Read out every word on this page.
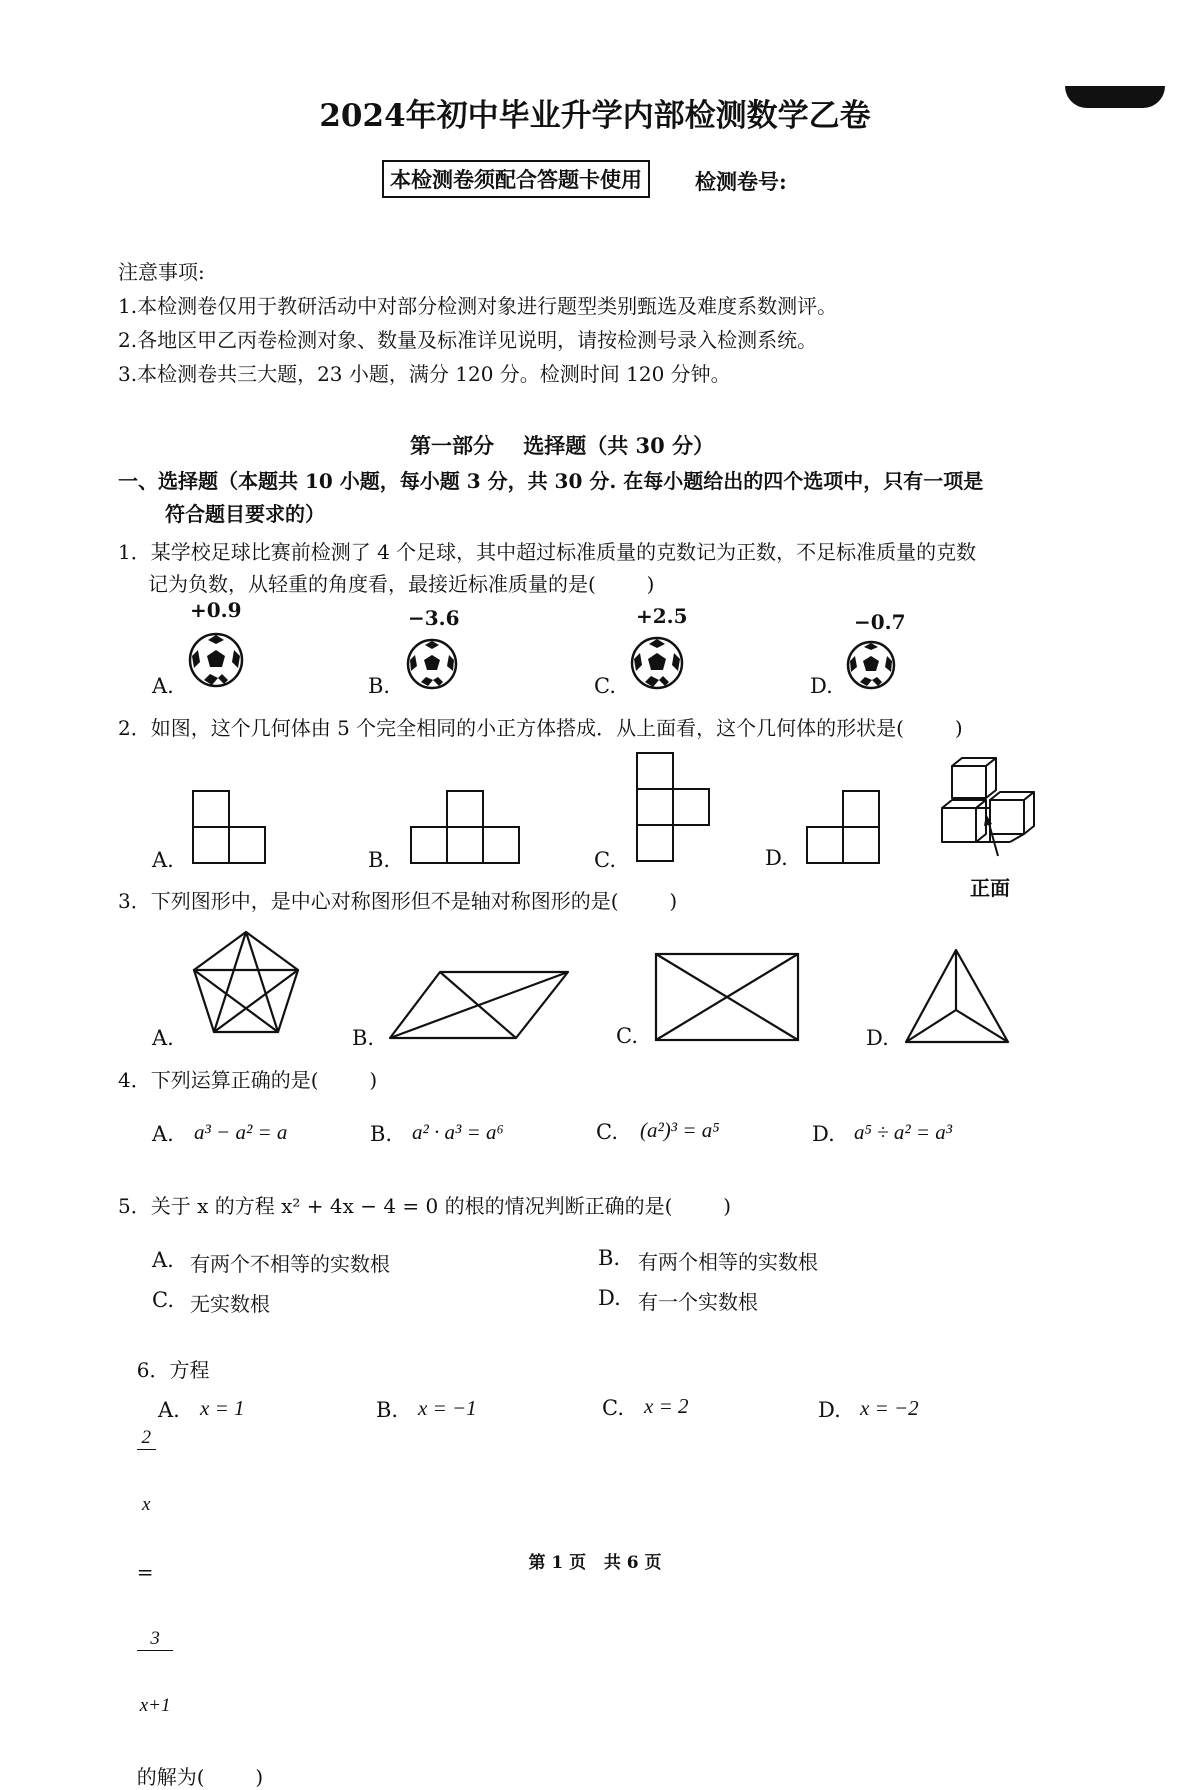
2024年初中毕业升学内部检测数学乙卷
本检测卷须配合答题卡使用	检测卷号:
注意事项:
1.本检测卷仅用于教研活动中对部分检测对象进行题型类别甄选及难度系数测评。
2.各地区甲乙丙卷检测对象、数量及标准详见说明，请按检测号录入检测系统。
3.本检测卷共三大题，23 小题，满分 120 分。检测时间 120 分钟。
第一部分    选择题（共 30 分）
一、选择题（本题共 10 小题，每小题 3 分，共 30 分. 在每小题给出的四个选项中，只有一项是
符合题目要求的）
1．某学校足球比赛前检测了 4 个足球，其中超过标准质量的克数记为正数，不足标准质量的克数
记为负数，从轻重的角度看，最接近标准质量的是(        )
+0.9	−3.6	+2.5	−0.7
A.	B.	C.	D.
2．如图，这个几何体由 5 个完全相同的小正方体搭成．从上面看，这个几何体的形状是(        )
A.	B.	C.	D.
正面
3．下列图形中，是中心对称图形但不是轴对称图形的是(        )
A.	B.	C.	D.
4．下列运算正确的是(        )
A. a³ − a² = a	B. a² · a³ = a⁶	C. (a²)³ = a⁵	D. a⁵ ÷ a² = a³
5．关于 x 的方程 x² + 4x − 4 = 0 的根的情况判断正确的是(        )
A. 有两个不相等的实数根	B. 有两个相等的实数根
C. 无实数根	D. 有一个实数根

6．方程

$\frac{2}{x}$

=

$\frac{3}{x+1}$

的解为(        )

A. x = 1	B. x = −1	C. x = 2	D. x = −2
第 1 页   共 6 页
